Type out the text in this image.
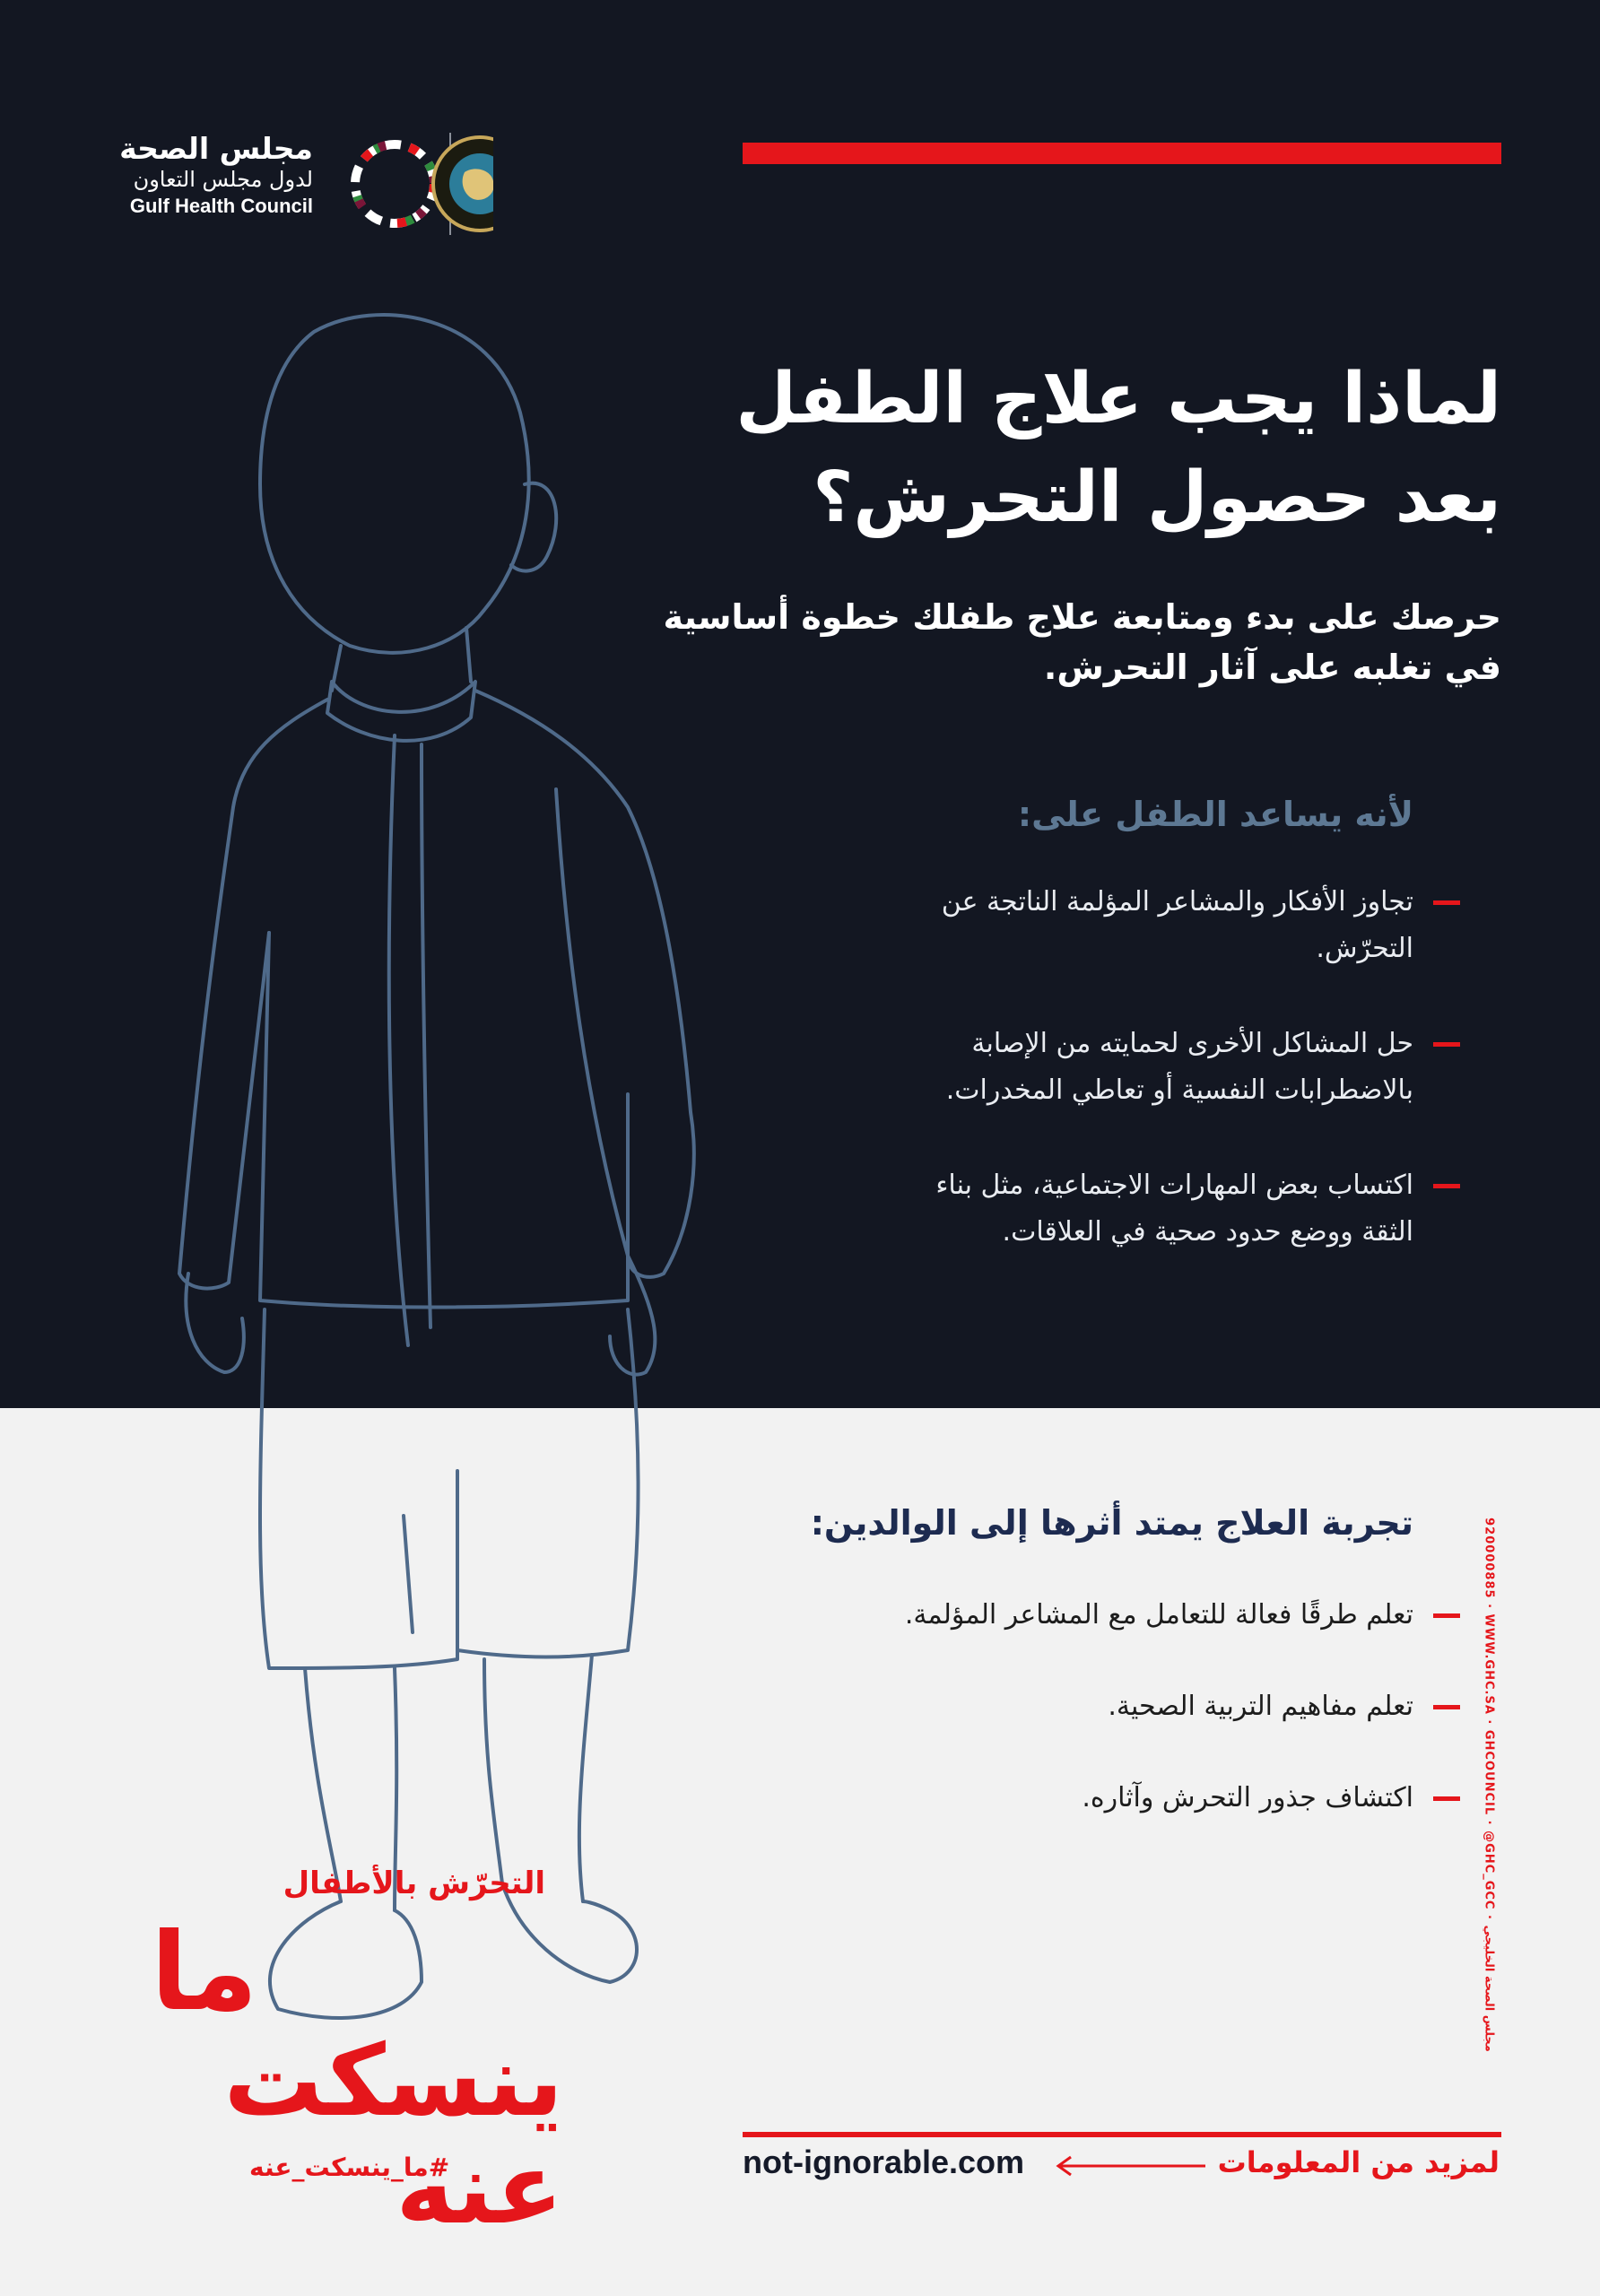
مجلس الصحة
لدول مجلس التعاون
Gulf Health Council
لماذا يجب علاج الطفل بعد حصول التحرش؟
حرصك على بدء ومتابعة علاج طفلك خطوة أساسية في تغلبه على آثار التحرش.
لأنه يساعد الطفل على:
تجاوز الأفكار والمشاعر المؤلمة الناتجة عن التحرّش.
حل المشاكل الأخرى لحمايته من الإصابة بالاضطرابات النفسية أو تعاطي المخدرات.
اكتساب بعض المهارات الاجتماعية، مثل بناء الثقة ووضع حدود صحية في العلاقات.
تجربة العلاج يمتد أثرها إلى الوالدين:
تعلم طرقًا فعالة للتعامل مع المشاعر المؤلمة.
تعلم مفاهيم التربية الصحية.
اكتشاف جذور التحرش وآثاره.	920000885 · WWW.GHC.SA · GHCOUNCIL · @GHC_GCC · مجلس الصحة الخليجي
التحرّش بالأطفال
ما
ينسكت عنه
#ما_ينسكت_عنه	not-ignorable.com	لمزيد من المعلومات
